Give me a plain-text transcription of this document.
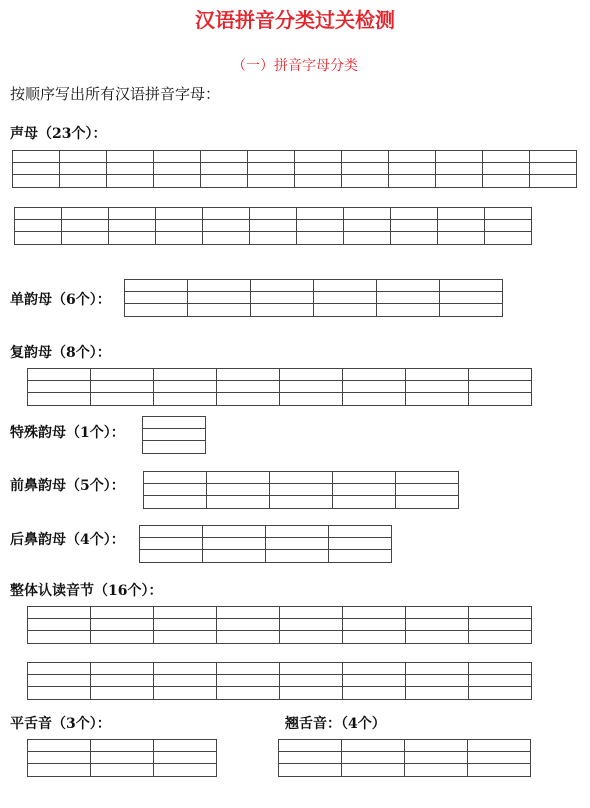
汉语拼音分类过关检测
（一）拼音字母分类
按顺序写出所有汉语拼音字母：
声母（23个）：
单韵母（6个）：
复韵母（8个）：
特殊韵母（1个）：
前鼻韵母（5个）：
后鼻韵母（4个）：
整体认读音节（16个）：
平舌音（3个）：	翘舌音：（4个）
